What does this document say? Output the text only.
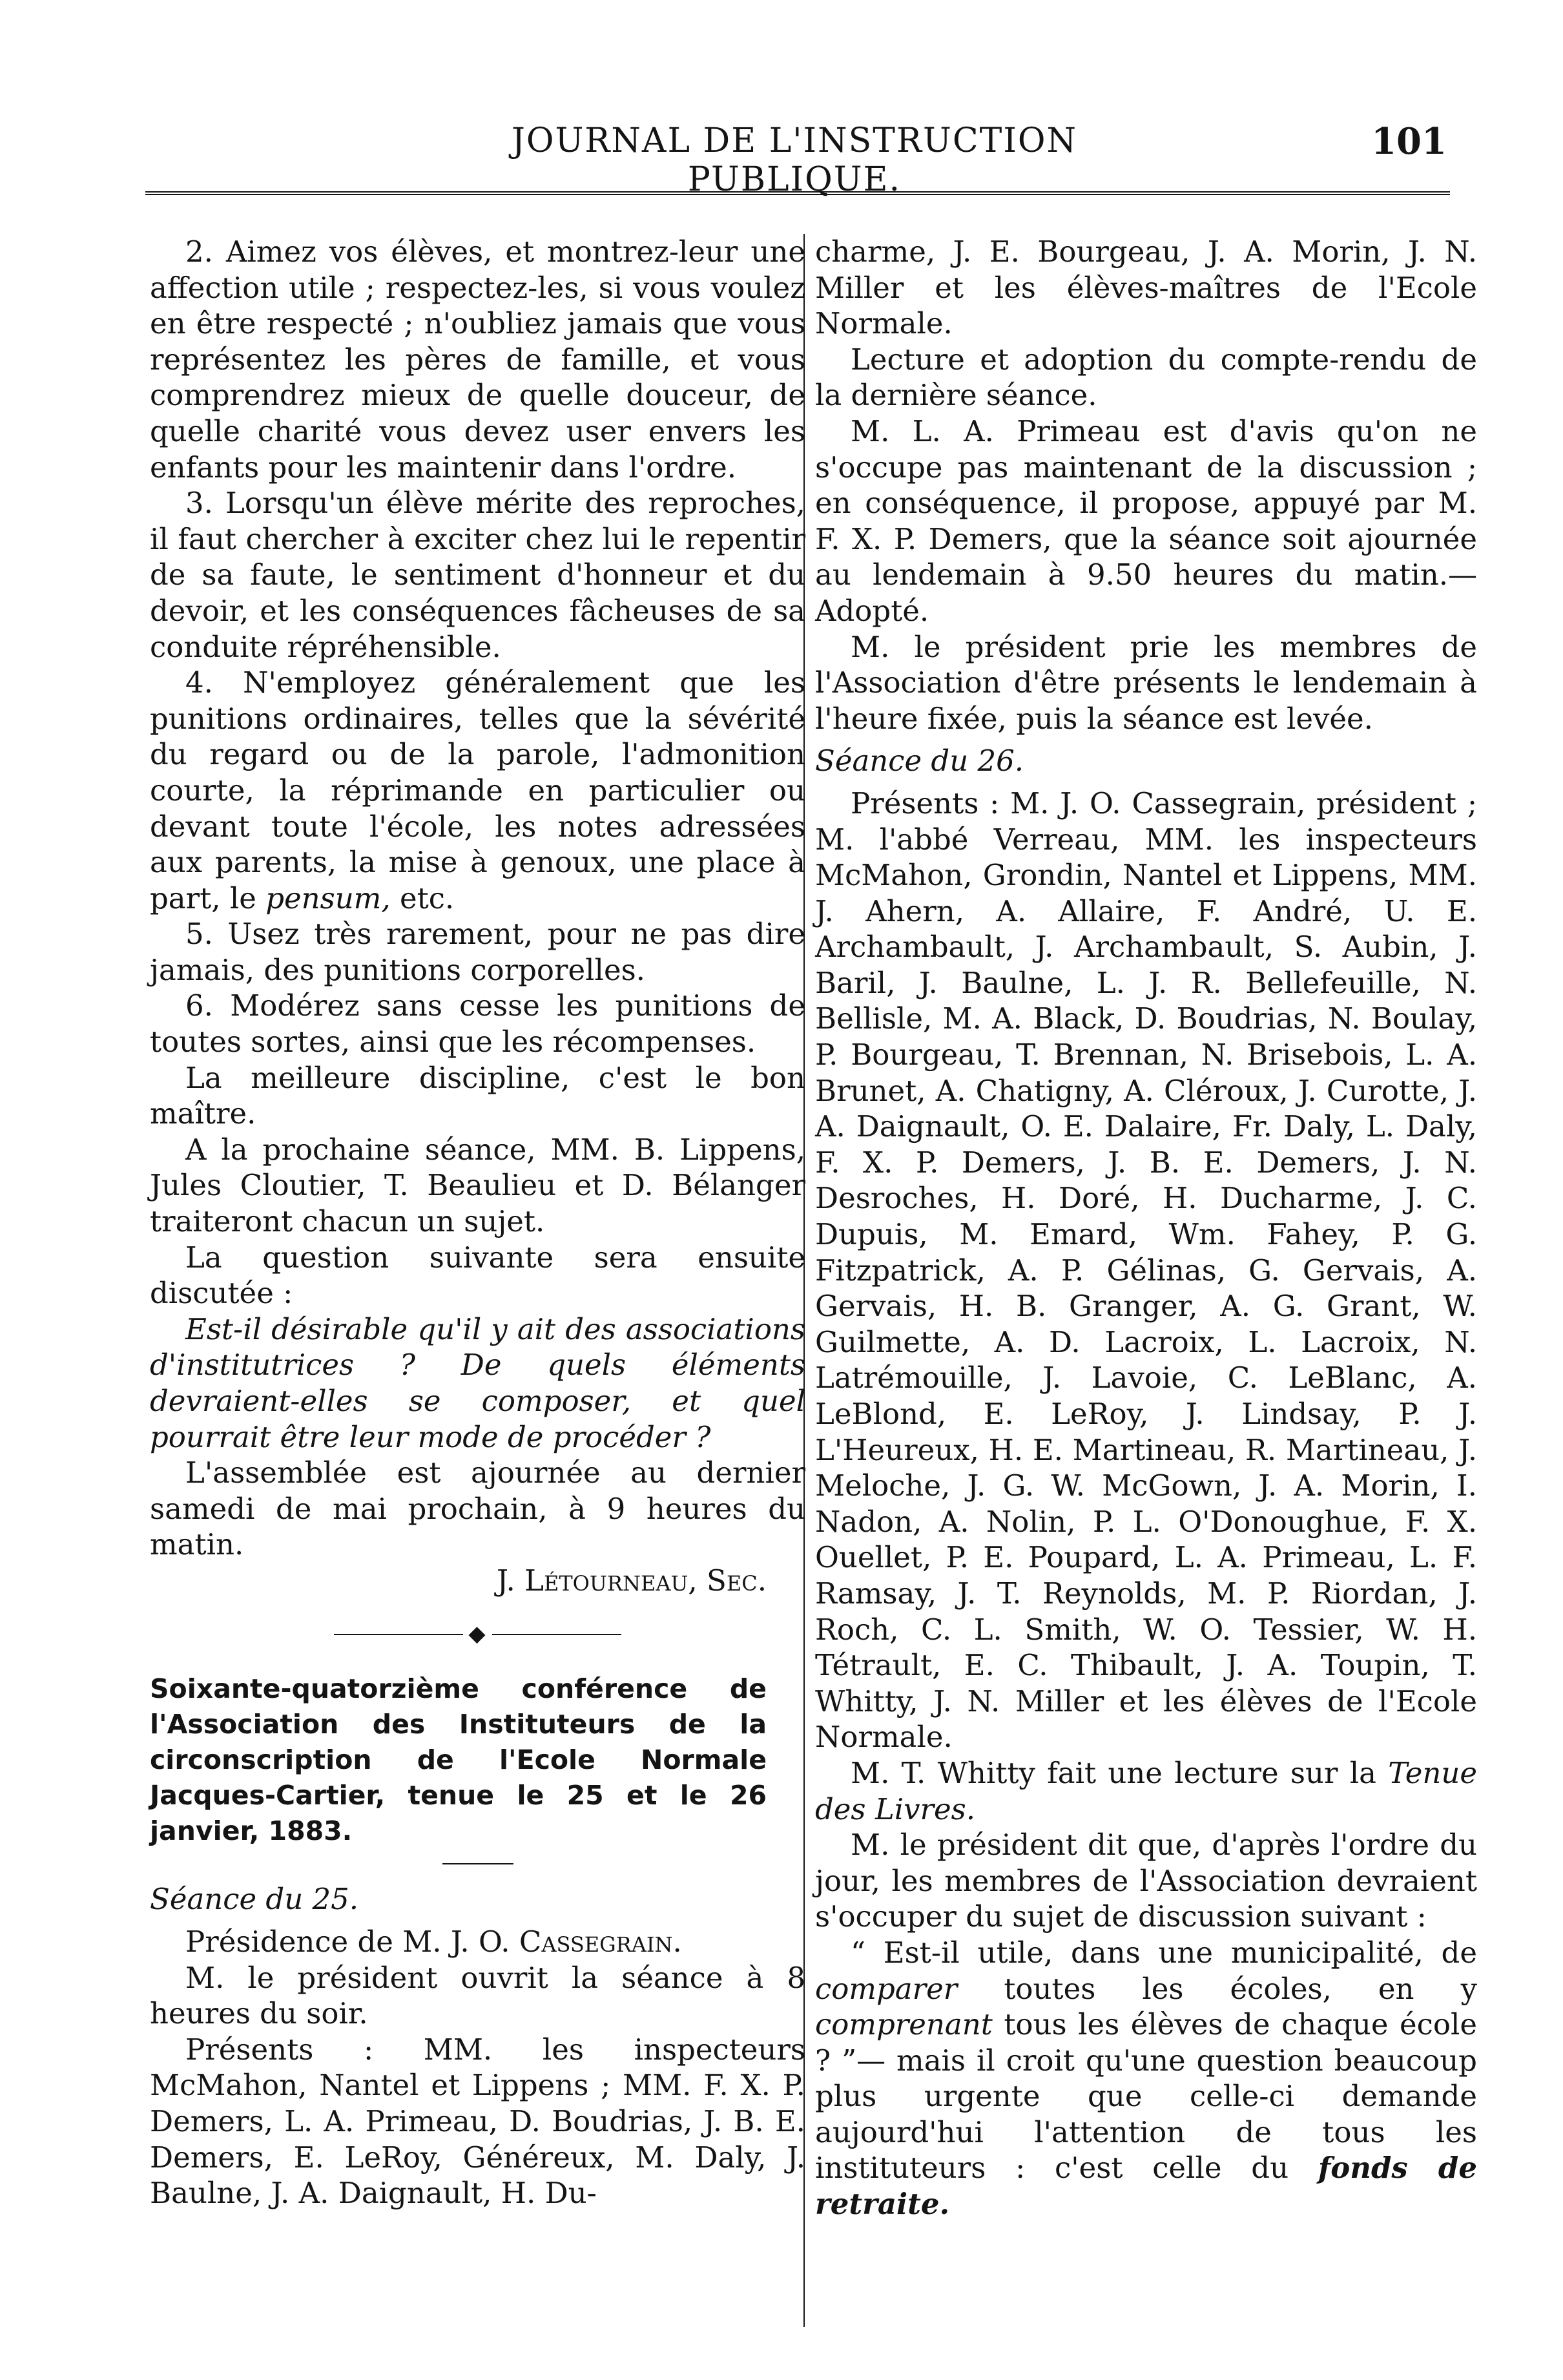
JOURNAL DE L'INSTRUCTION PUBLIQUE.
101

2. Aimez vos élèves, et montrez-leur une affection utile ; respectez-les, si vous voulez en être respecté ; n'oubliez jamais que vous représentez les pères de famille, et vous comprendrez mieux de quelle douceur, de quelle charité vous devez user envers les enfants pour les maintenir dans l'ordre.

3. Lorsqu'un élève mérite des reproches, il faut chercher à exciter chez lui le repentir de sa faute, le sentiment d'honneur et du devoir, et les conséquences fâcheuses de sa conduite répréhensible.

4. N'employez généralement que les punitions ordinaires, telles que la sévérité du regard ou de la parole, l'admonition courte, la réprimande en particulier ou devant toute l'école, les notes adressées aux parents, la mise à genoux, une place à part, le pensum, etc.

5. Usez très rarement, pour ne pas dire jamais, des punitions corporelles.

6. Modérez sans cesse les punitions de toutes sortes, ainsi que les récompenses.

La meilleure discipline, c'est le bon maître.

A la prochaine séance, MM. B. Lippens, Jules Cloutier, T. Beaulieu et D. Bélanger traiteront chacun un sujet.

La question suivante sera ensuite discutée :

Est-il désirable qu'il y ait des associations d'institutrices ? De quels éléments devraient-elles se composer, et quel pourrait être leur mode de procéder ?

L'assemblée est ajournée au dernier samedi de mai prochain, à 9 heures du matin.

J. Létourneau, Sec.

◆

Soixante-quatorzième conférence de l'Association des Instituteurs de la circonscription de l'Ecole Normale Jacques-Cartier, tenue le 25 et le 26 janvier, 1883.

Séance du 25.

Présidence de M. J. O. Cassegrain.

M. le président ouvrit la séance à 8 heures du soir.

Présents : MM. les inspecteurs McMahon, Nantel et Lippens ; MM. F. X. P. Demers, L. A. Primeau, D. Boudrias, J. B. E. Demers, E. LeRoy, Généreux, M. Daly, J. Baulne, J. A. Daignault, H. Du-

charme, J. E. Bourgeau, J. A. Morin, J. N. Miller et les élèves-maîtres de l'Ecole Normale.

Lecture et adoption du compte-rendu de la dernière séance.

M. L. A. Primeau est d'avis qu'on ne s'occupe pas maintenant de la discussion ; en conséquence, il propose, appuyé par M. F. X. P. Demers, que la séance soit ajournée au lendemain à 9.50 heures du matin.—Adopté.

M. le président prie les membres de l'Association d'être présents le lendemain à l'heure fixée, puis la séance est levée.

Séance du 26.

Présents : M. J. O. Cassegrain, président ; M. l'abbé Verreau, MM. les inspecteurs McMahon, Grondin, Nantel et Lippens, MM. J. Ahern, A. Allaire, F. André, U. E. Archambault, J. Archambault, S. Aubin, J. Baril, J. Baulne, L. J. R. Bellefeuille, N. Bellisle, M. A. Black, D. Boudrias, N. Boulay, P. Bourgeau, T. Brennan, N. Brisebois, L. A. Brunet, A. Chatigny, A. Cléroux, J. Curotte, J. A. Daignault, O. E. Dalaire, Fr. Daly, L. Daly, F. X. P. Demers, J. B. E. Demers, J. N. Desroches, H. Doré, H. Ducharme, J. C. Dupuis, M. Emard, Wm. Fahey, P. G. Fitzpatrick, A. P. Gélinas, G. Gervais, A. Gervais, H. B. Granger, A. G. Grant, W. Guilmette, A. D. Lacroix, L. Lacroix, N. Latrémouille, J. Lavoie, C. LeBlanc, A. LeBlond, E. LeRoy, J. Lindsay, P. J. L'Heureux, H. E. Martineau, R. Martineau, J. Meloche, J. G. W. McGown, J. A. Morin, I. Nadon, A. Nolin, P. L. O'Donoughue, F. X. Ouellet, P. E. Poupard, L. A. Primeau, L. F. Ramsay, J. T. Reynolds, M. P. Riordan, J. Roch, C. L. Smith, W. O. Tessier, W. H. Tétrault, E. C. Thibault, J. A. Toupin, T. Whitty, J. N. Miller et les élèves de l'Ecole Normale.

M. T. Whitty fait une lecture sur la Tenue des Livres.

M. le président dit que, d'après l'ordre du jour, les membres de l'Association devraient s'occuper du sujet de discussion suivant :

“ Est-il utile, dans une municipalité, de comparer toutes les écoles, en y comprenant tous les élèves de chaque école ? ”— mais il croit qu'une question beaucoup plus urgente que celle-ci demande aujourd'hui l'attention de tous les instituteurs : c'est celle du fonds de retraite.
